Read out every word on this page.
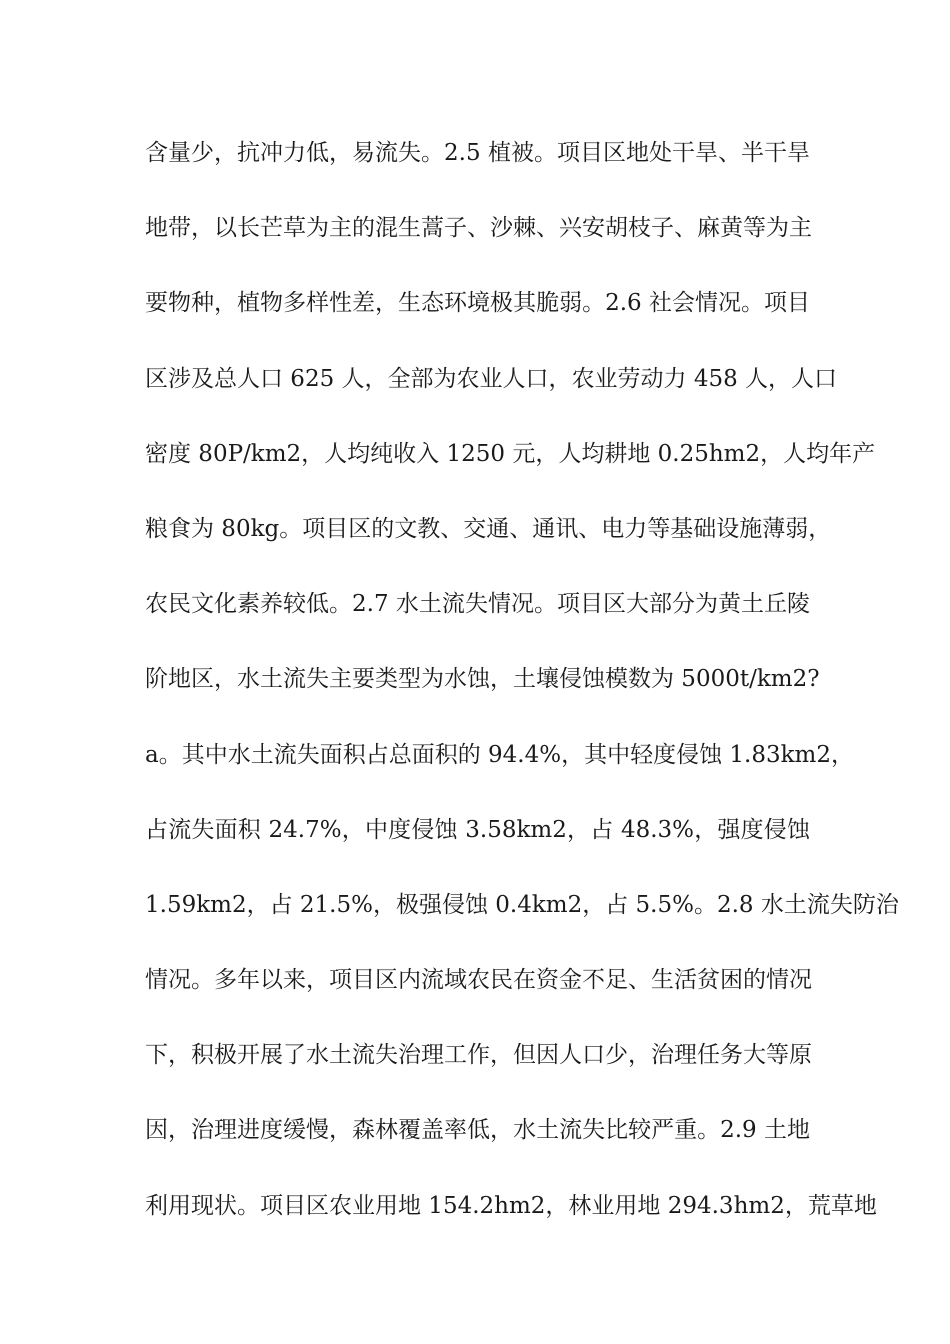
含量少，抗冲力低，易流失。2.5 植被。项目区地处干旱、半干旱
地带，以长芒草为主的混生蒿子、沙棘、兴安胡枝子、麻黄等为主
要物种，植物多样性差，生态环境极其脆弱。2.6 社会情况。项目
区涉及总人口 625 人，全部为农业人口，农业劳动力 458 人，人口
密度 80P/km2，人均纯收入 1250 元，人均耕地 0.25hm2，人均年产
粮食为 80kg。项目区的文教、交通、通讯、电力等基础设施薄弱，
农民文化素养较低。2.7 水土流失情况。项目区大部分为黄土丘陵
阶地区，水土流失主要类型为水蚀，土壤侵蚀模数为 5000t/km2?
a。其中水土流失面积占总面积的 94.4%，其中轻度侵蚀 1.83km2，
占流失面积 24.7%，中度侵蚀 3.58km2，占 48.3%，强度侵蚀
1.59km2，占 21.5%，极强侵蚀 0.4km2，占 5.5%。2.8 水土流失防治
情况。多年以来，项目区内流域农民在资金不足、生活贫困的情况
下，积极开展了水土流失治理工作，但因人口少，治理任务大等原
因，治理进度缓慢，森林覆盖率低，水土流失比较严重。2.9 土地
利用现状。项目区农业用地 154.2hm2，林业用地 294.3hm2，荒草地
